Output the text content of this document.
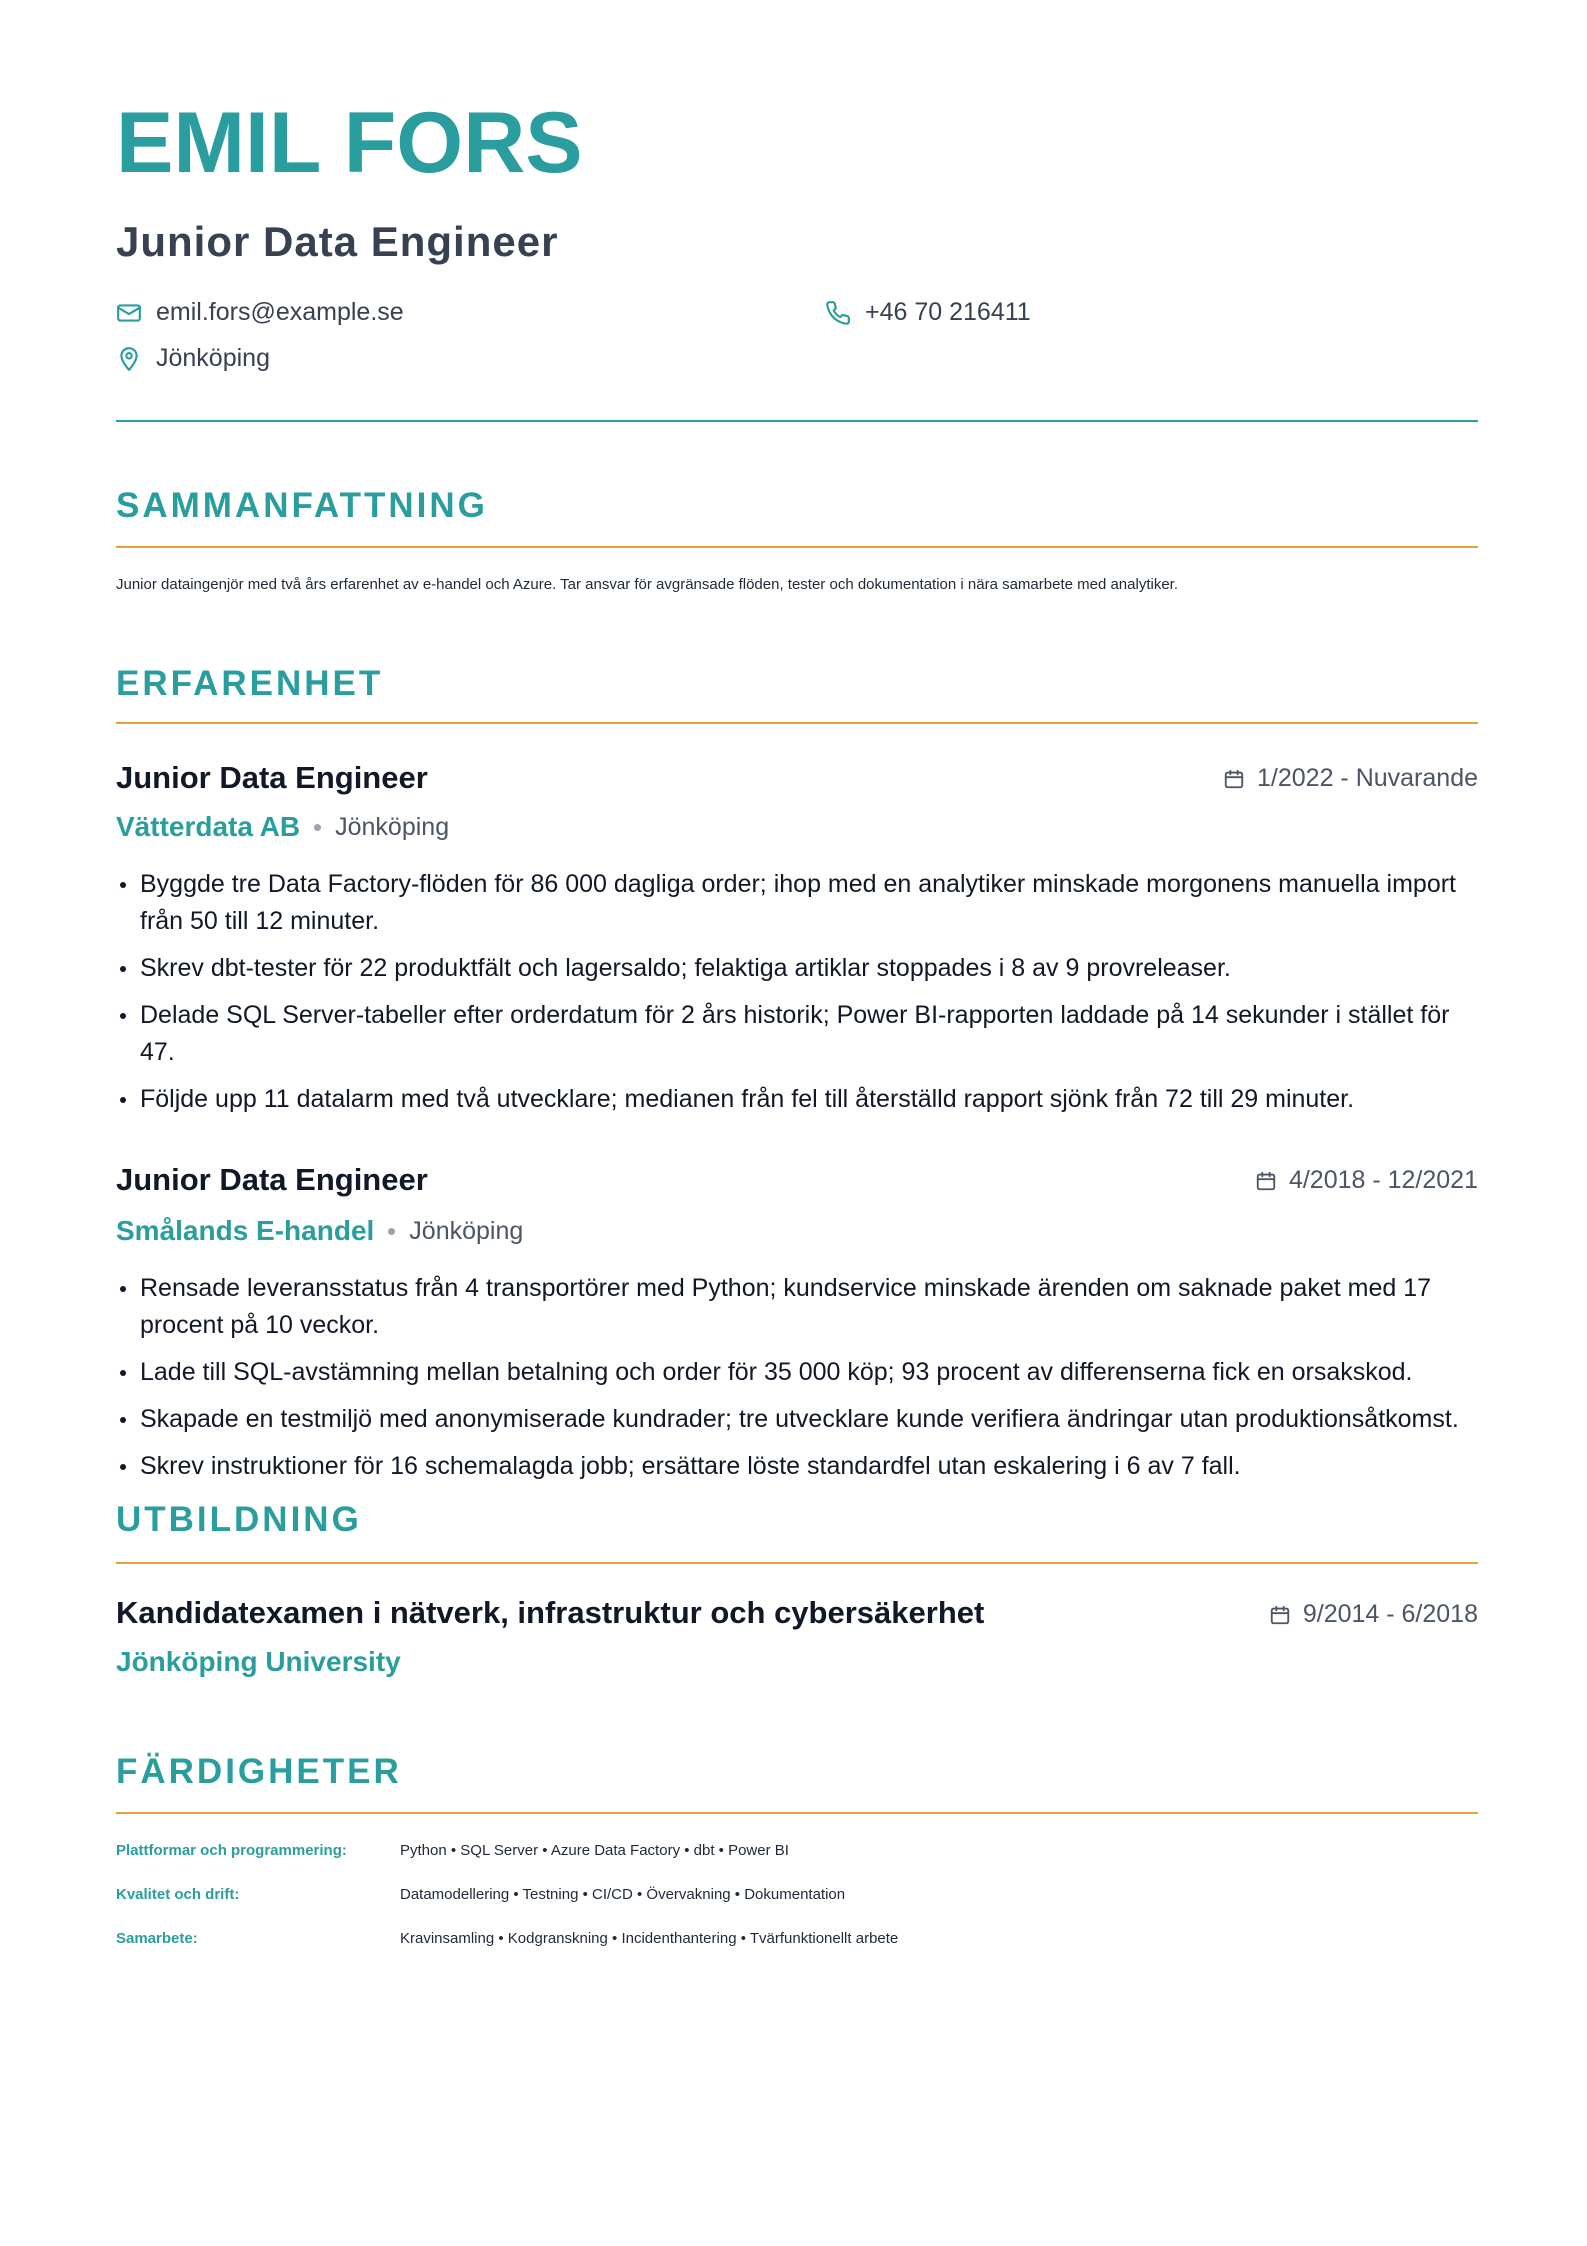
EMIL FORS
Junior Data Engineer
emil.fors@example.se	+46 70 216411
Jönköping
SAMMANFATTNING
Junior dataingenjör med två års erfarenhet av e-handel och Azure. Tar ansvar för avgränsade flöden, tester och dokumentation i nära samarbete med analytiker.
ERFARENHET
Junior Data Engineer	1/2022 - Nuvarande
Vätterdata AB Jönköping
Byggde tre Data Factory-flöden för 86 000 dagliga order; ihop med en analytiker minskade morgonens manuella import från 50 till 12 minuter.
Skrev dbt-tester för 22 produktfält och lagersaldo; felaktiga artiklar stoppades i 8 av 9 provreleaser.
Delade SQL Server-tabeller efter orderdatum för 2 års historik; Power BI-rapporten laddade på 14 sekunder i stället för 47.
Följde upp 11 datalarm med två utvecklare; medianen från fel till återställd rapport sjönk från 72 till 29 minuter.
Junior Data Engineer	4/2018 - 12/2021
Smålands E-handel Jönköping
Rensade leveransstatus från 4 transportörer med Python; kundservice minskade ärenden om saknade paket med 17 procent på 10 veckor.
Lade till SQL-avstämning mellan betalning och order för 35 000 köp; 93 procent av differenserna fick en orsakskod.
Skapade en testmiljö med anonymiserade kundrader; tre utvecklare kunde verifiera ändringar utan produktionsåtkomst.
Skrev instruktioner för 16 schemalagda jobb; ersättare löste standardfel utan eskalering i 6 av 7 fall.
UTBILDNING
Kandidatexamen i nätverk, infrastruktur och cybersäkerhet	9/2014 - 6/2018
Jönköping University
FÄRDIGHETER
Plattformar och programmering:	Python • SQL Server • Azure Data Factory • dbt • Power BI
Kvalitet och drift:	Datamodellering • Testning • CI/CD • Övervakning • Dokumentation
Samarbete:	Kravinsamling • Kodgranskning • Incidenthantering • Tvärfunktionellt arbete
